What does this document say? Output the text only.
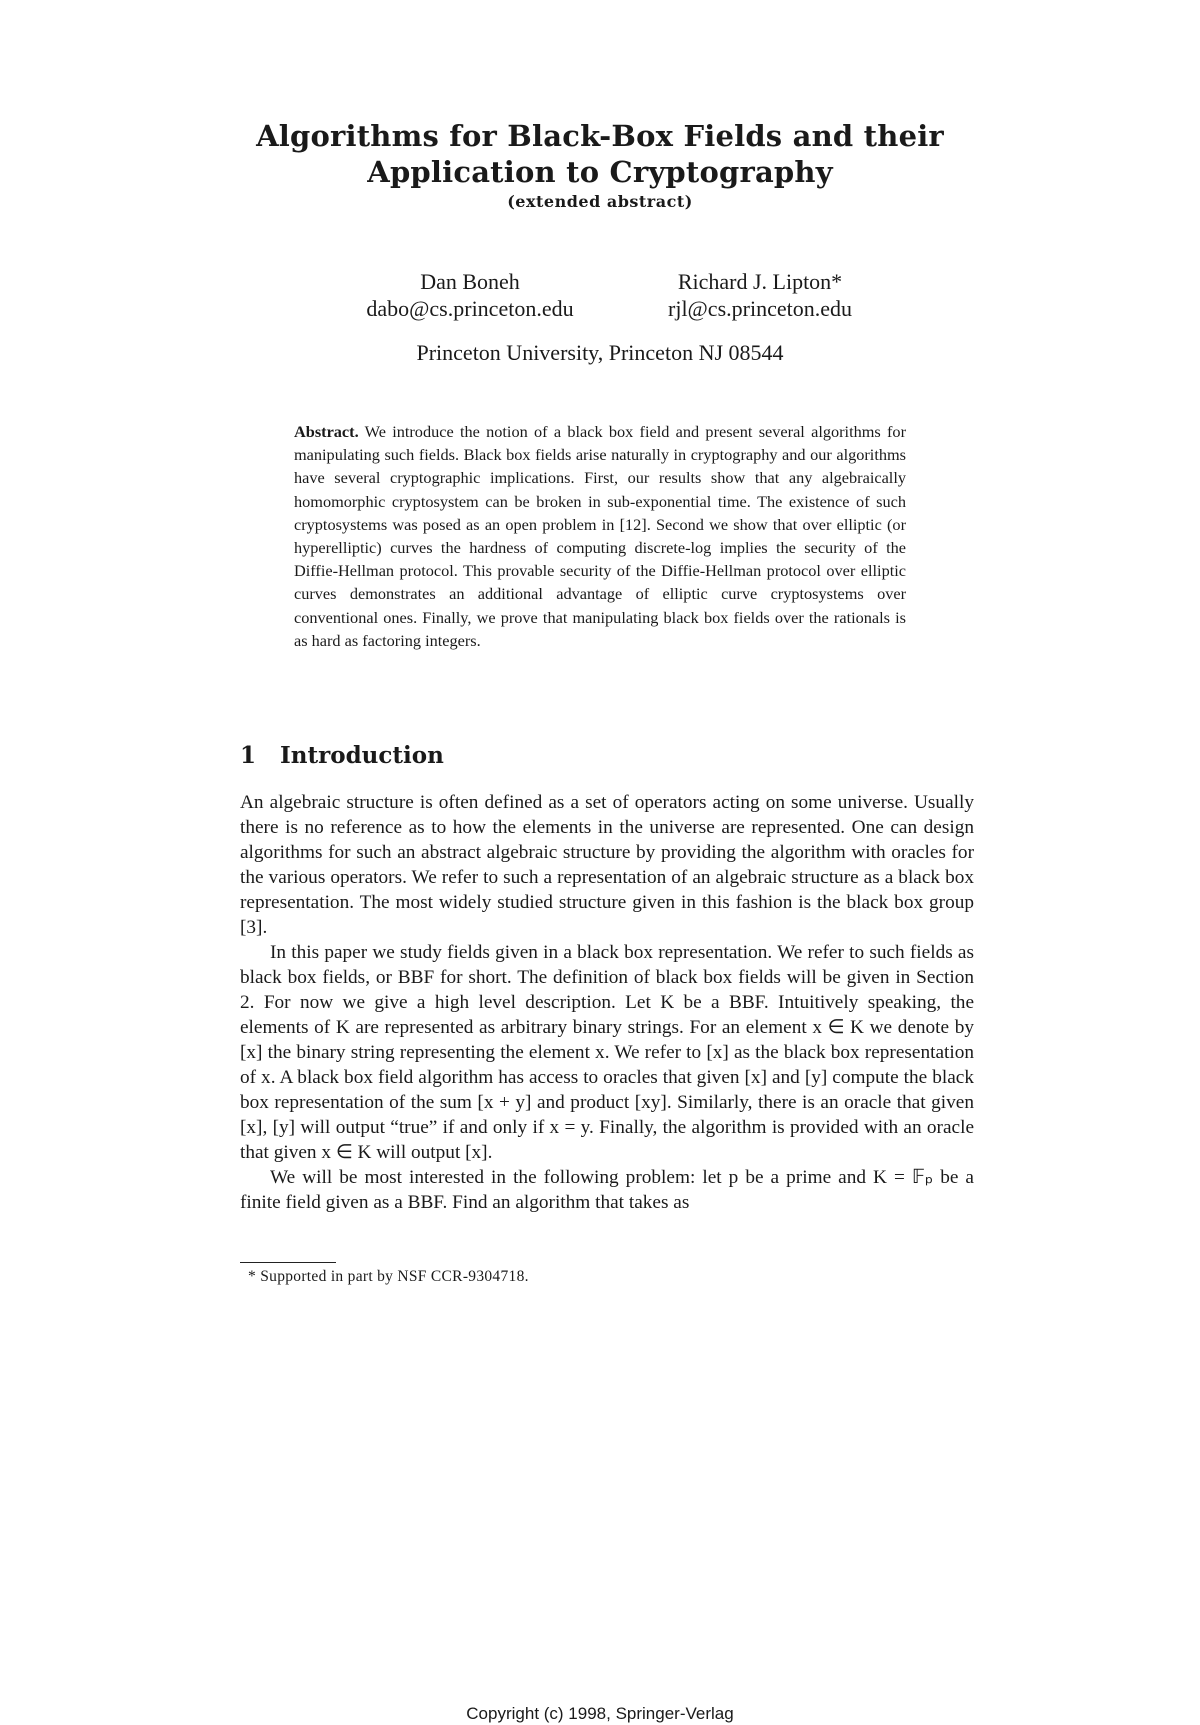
Algorithms for Black-Box Fields and their
Application to Cryptography
(extended abstract)
Dan Boneh
dabo@cs.princeton.edu
Richard J. Lipton*
rjl@cs.princeton.edu
Princeton University, Princeton NJ 08544

Abstract. We introduce the notion of a black box field and present several algorithms for manipulating such fields. Black box fields arise naturally in cryptography and our algorithms have several cryptographic implications. First, our results show that any algebraically homomorphic cryptosystem can be broken in sub-exponential time. The existence of such cryptosystems was posed as an open problem in [12]. Second we show that over elliptic (or hyperelliptic) curves the hardness of computing discrete-log implies the security of the Diffie-Hellman protocol. This provable security of the Diffie-Hellman protocol over elliptic curves demonstrates an additional advantage of elliptic curve cryptosystems over conventional ones. Finally, we prove that manipulating black box fields over the rationals is as hard as factoring integers.

1 Introduction

An algebraic structure is often defined as a set of operators acting on some universe. Usually there is no reference as to how the elements in the universe are represented. One can design algorithms for such an abstract algebraic structure by providing the algorithm with oracles for the various operators. We refer to such a representation of an algebraic structure as a black box representation. The most widely studied structure given in this fashion is the black box group [3].

In this paper we study fields given in a black box representation. We refer to such fields as black box fields, or BBF for short. The definition of black box fields will be given in Section 2. For now we give a high level description. Let K be a BBF. Intuitively speaking, the elements of K are represented as arbitrary binary strings. For an element x ∈ K we denote by [x] the binary string representing the element x. We refer to [x] as the black box representation of x. A black box field algorithm has access to oracles that given [x] and [y] compute the black box representation of the sum [x + y] and product [xy]. Similarly, there is an oracle that given [x], [y] will output “true” if and only if x = y. Finally, the algorithm is provided with an oracle that given x ∈ K will output [x].

We will be most interested in the following problem: let p be a prime and K = 𝔽ₚ be a finite field given as a BBF. Find an algorithm that takes as

* Supported in part by NSF CCR-9304718.
Copyright (c) 1998, Springer-Verlag
